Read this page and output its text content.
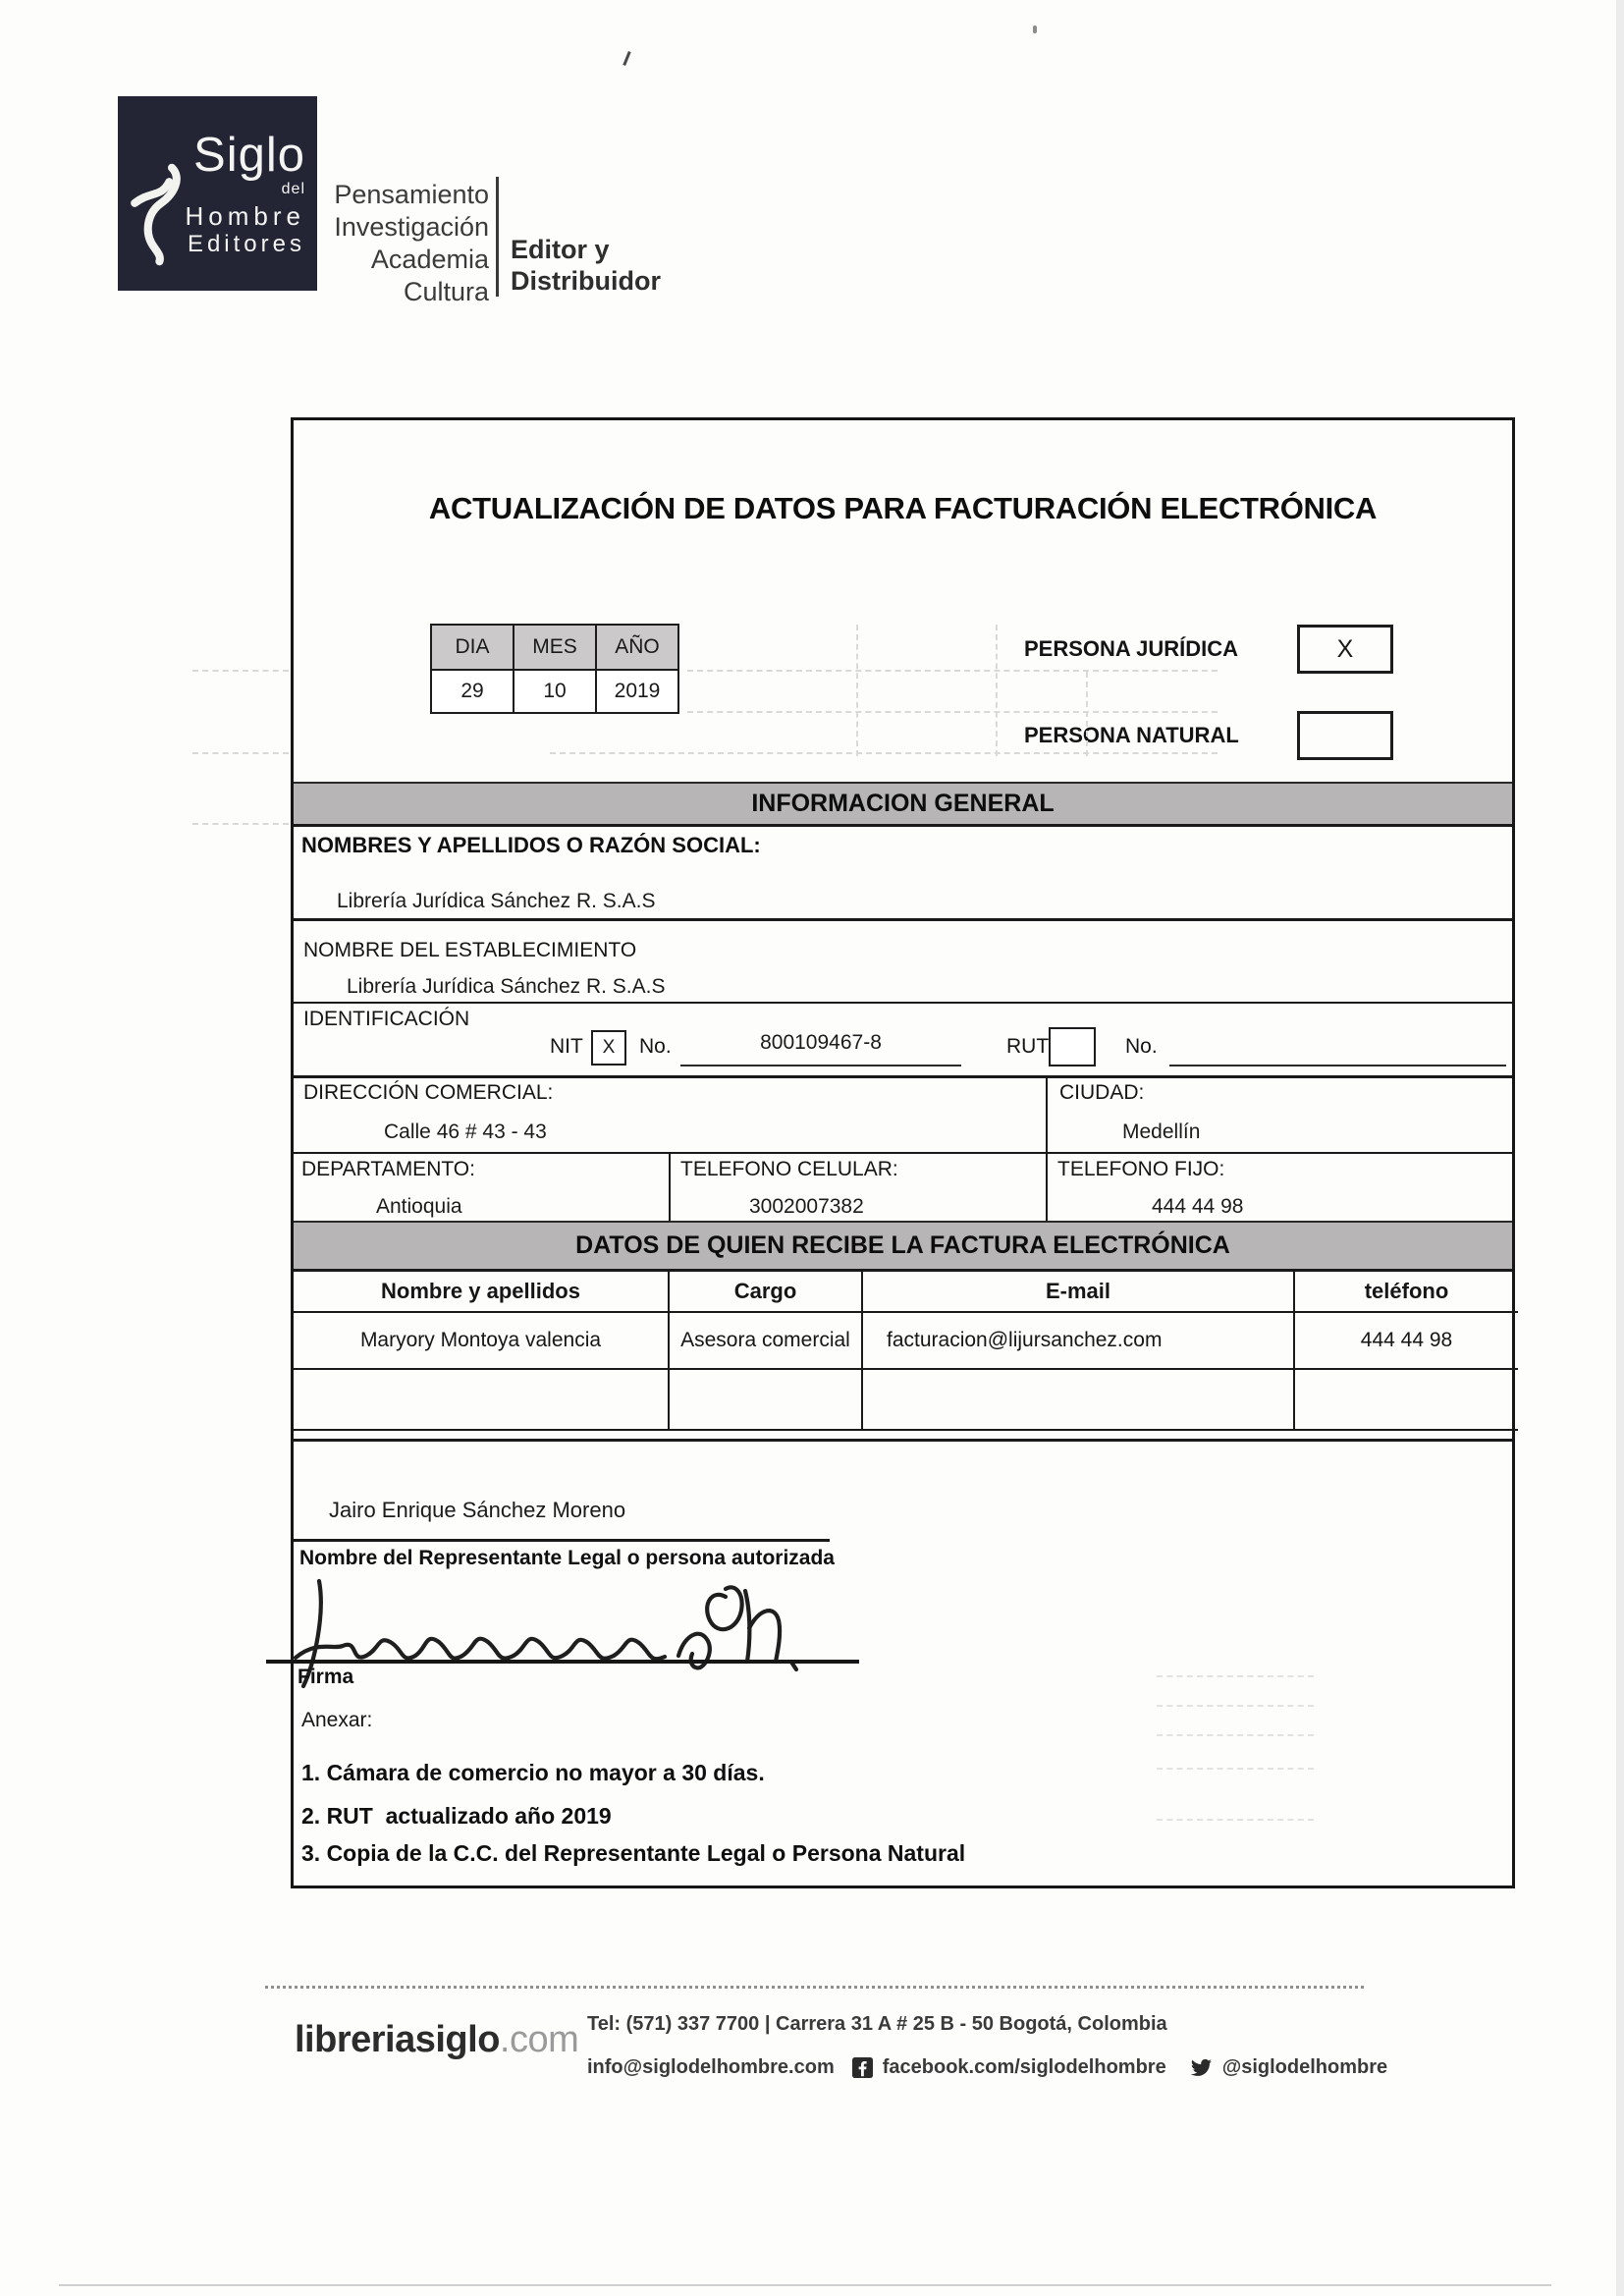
Siglo
del
Hombre
Editores
Pensamiento
Investigación
Academia
Cultura
Editor y
Distribuidor
ACTUALIZACIÓN DE DATOS PARA FACTURACIÓN ELECTRÓNICA
DIA	MES	AÑO
29	10	2019
PERSONA JURÍDICA	X
PERSONA NATURAL
INFORMACION GENERAL
NOMBRES Y APELLIDOS O RAZÓN SOCIAL:
Librería Jurídica Sánchez R. S.A.S
NOMBRE DEL ESTABLECIMIENTO
Librería Jurídica Sánchez R. S.A.S
IDENTIFICACIÓN
NIT	X	No.	800109467-8	RUT	No.
DIRECCIÓN COMERCIAL:
Calle 46 # 43 - 43
CIUDAD:
Medellín
DEPARTAMENTO:
Antioquia
TELEFONO CELULAR:
3002007382
TELEFONO FIJO:
444 44 98
DATOS DE QUIEN RECIBE LA FACTURA ELECTRÓNICA
Nombre y apellidos	Cargo	E-mail	teléfono
Maryory Montoya valencia	Asesora comercial	facturacion@lijursanchez.com	444 44 98

Jairo Enrique Sánchez Moreno
Nombre del Representante Legal o persona autorizada
Firma
Anexar:
1. Cámara de comercio no mayor a 30 días.
2. RUT  actualizado año 2019
3. Copia de la C.C. del Representante Legal o Persona Natural
libreriasiglo.com Tel: (571) 337 7700 | Carrera 31 A # 25 B - 50 Bogotá, Colombia
info@siglodelhombre.com facebook.com/siglodelhombre	@siglodelhombre
